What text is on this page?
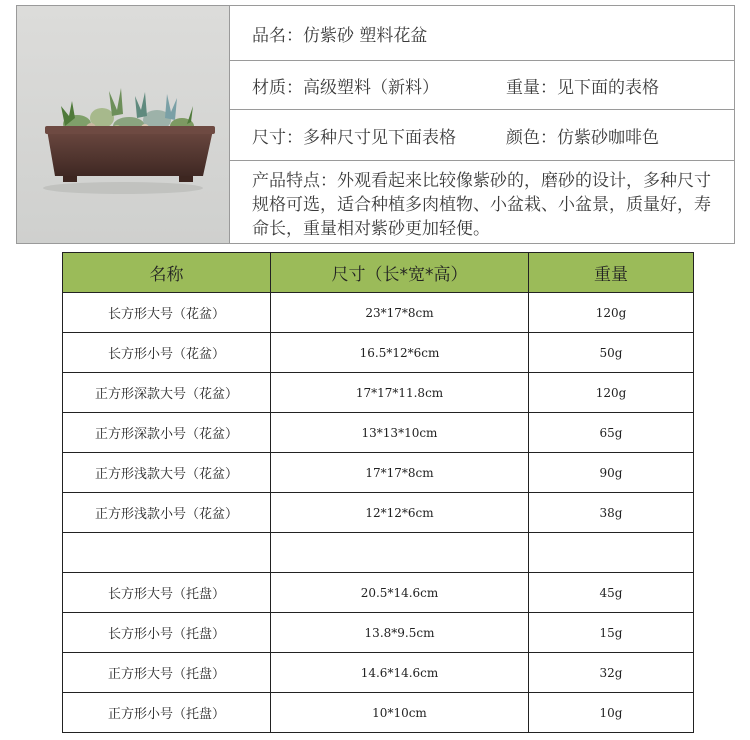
品名：仿紫砂 塑料花盆
材质：高级塑料（新料）	重量：见下面的表格
尺寸：多种尺寸见下面表格	颜色：仿紫砂咖啡色
产品特点：外观看起来比较像紫砂的，磨砂的设计，多种尺寸规格可选，适合种植多肉植物、小盆栽、小盆景，质量好，寿命长，重量相对紫砂更加轻便。
名称	尺寸（长*宽*高）	重量
长方形大号（花盆）	23*17*8cm	120g
长方形小号（花盆）	16.5*12*6cm	50g
正方形深款大号（花盆）	17*17*11.8cm	120g
正方形深款小号（花盆）	13*13*10cm	65g
正方形浅款大号（花盆）	17*17*8cm	90g
正方形浅款小号（花盆）	12*12*6cm	38g

长方形大号（托盘）	20.5*14.6cm	45g
长方形小号（托盘）	13.8*9.5cm	15g
正方形大号（托盘）	14.6*14.6cm	32g
正方形小号（托盘）	10*10cm	10g
